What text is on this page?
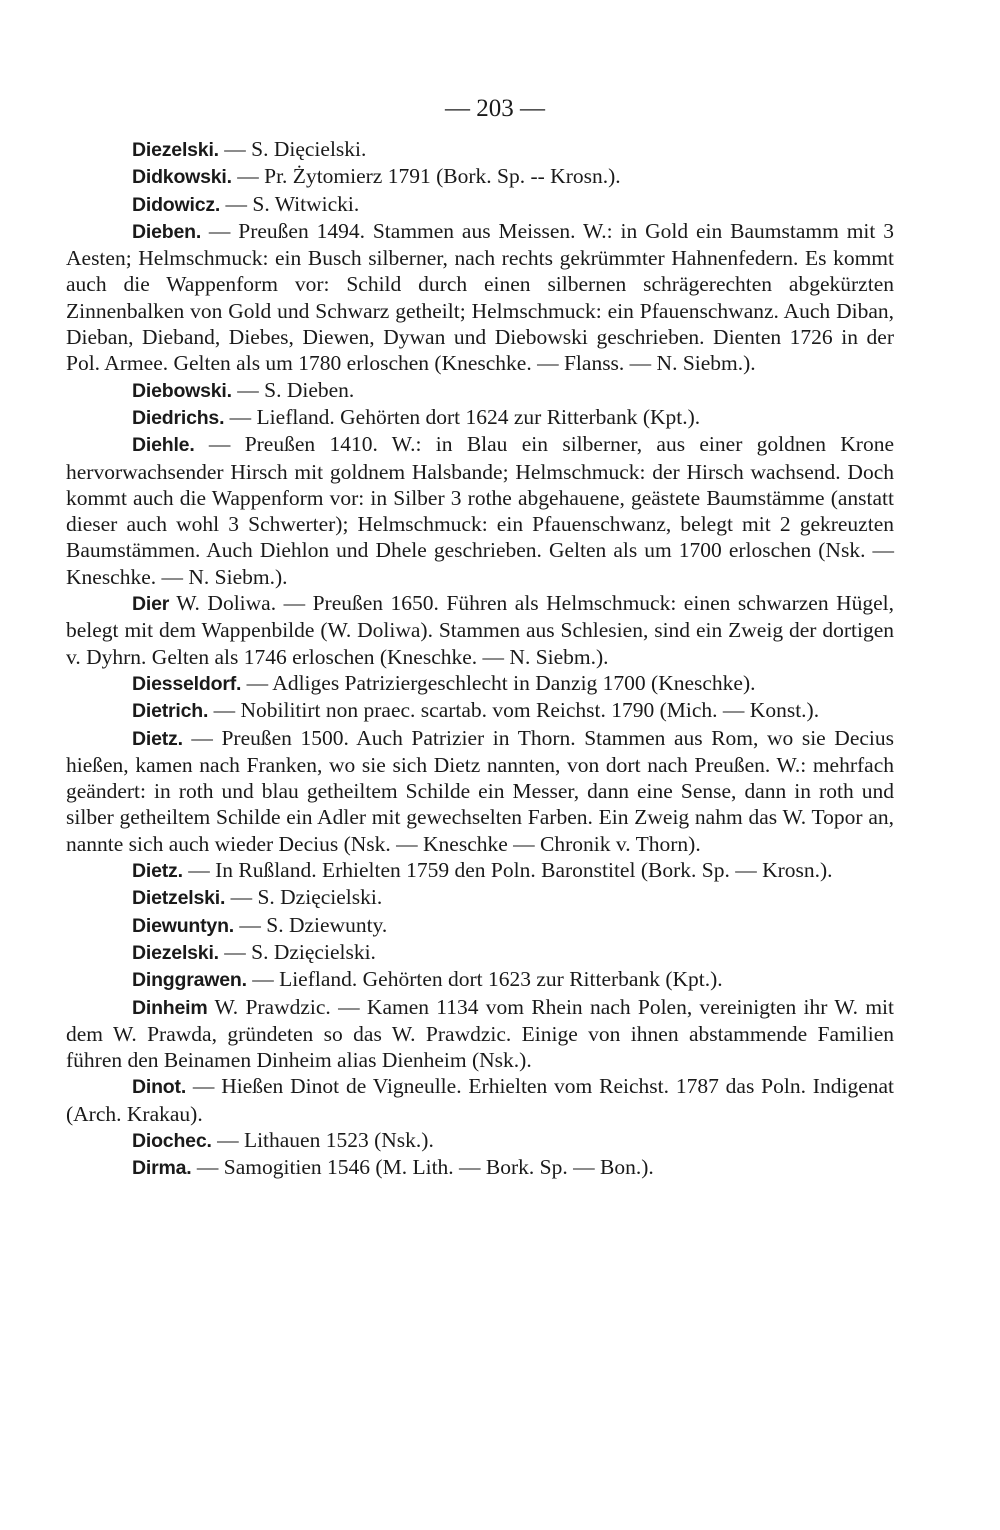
— 203 —

Diezelski. — S. Dięcielski.

Didkowski. — Pr. Żytomierz 1791 (Bork. Sp. -- Krosn.).

Didowicz. — S. Witwicki.

Dieben. — Preußen 1494. Stammen aus Meissen. W.: in Gold ein Baumstamm mit 3 Aesten; Helmschmuck: ein Busch silberner, nach rechts gekrümmter Hahnenfedern. Es kommt auch die Wappenform vor: Schild durch einen silbernen schrägerechten abgekürzten Zinnenbalken von Gold und Schwarz getheilt; Helmschmuck: ein Pfauenschwanz. Auch Diban, Dieban, Dieband, Diebes, Diewen, Dywan und Diebowski geschrieben. Dienten 1726 in der Pol. Armee. Gelten als um 1780 erloschen (Kneschke. — Flanss. — N. Siebm.).

Diebowski. — S. Dieben.

Diedrichs. — Liefland. Gehörten dort 1624 zur Ritterbank (Kpt.).

Diehle. — Preußen 1410. W.: in Blau ein silberner, aus einer goldnen Krone hervorwachsender Hirsch mit goldnem Halsbande; Helmschmuck: der Hirsch wachsend. Doch kommt auch die Wappenform vor: in Silber 3 rothe abgehauene, geästete Baumstämme (anstatt dieser auch wohl 3 Schwerter); Helmschmuck: ein Pfauenschwanz, belegt mit 2 gekreuzten Baumstämmen. Auch Diehlon und Dhele geschrieben. Gelten als um 1700 erloschen (Nsk. — Kneschke. — N. Siebm.).

Dier W. Doliwa. — Preußen 1650. Führen als Helmschmuck: einen schwarzen Hügel, belegt mit dem Wappenbilde (W. Doliwa). Stammen aus Schlesien, sind ein Zweig der dortigen v. Dyhrn. Gelten als 1746 erloschen (Kneschke. — N. Siebm.).

Diesseldorf. — Adliges Patriziergeschlecht in Danzig 1700 (Kneschke).

Dietrich. — Nobilitirt non praec. scartab. vom Reichst. 1790 (Mich. — Konst.).

Dietz. — Preußen 1500. Auch Patrizier in Thorn. Stammen aus Rom, wo sie Decius hießen, kamen nach Franken, wo sie sich Dietz nannten, von dort nach Preußen. W.: mehrfach geändert: in roth und blau getheiltem Schilde ein Messer, dann eine Sense, dann in roth und silber getheiltem Schilde ein Adler mit gewechselten Farben. Ein Zweig nahm das W. Topor an, nannte sich auch wieder Decius (Nsk. — Kneschke — Chronik v. Thorn).

Dietz. — In Rußland. Erhielten 1759 den Poln. Baronstitel (Bork. Sp. — Krosn.).

Dietzelski. — S. Dzięcielski.

Diewuntyn. — S. Dziewunty.

Diezelski. — S. Dzięcielski.

Dinggrawen. — Liefland. Gehörten dort 1623 zur Ritterbank (Kpt.).

Dinheim W. Prawdzic. — Kamen 1134 vom Rhein nach Polen, vereinigten ihr W. mit dem W. Prawda, gründeten so das W. Prawdzic. Einige von ihnen abstammende Familien führen den Beinamen Dinheim alias Dienheim (Nsk.).

Dinot. — Hießen Dinot de Vigneulle. Erhielten vom Reichst. 1787 das Poln. Indigenat (Arch. Krakau).

Diochec. — Lithauen 1523 (Nsk.).

Dirma. — Samogitien 1546 (M. Lith. — Bork. Sp. — Bon.).
